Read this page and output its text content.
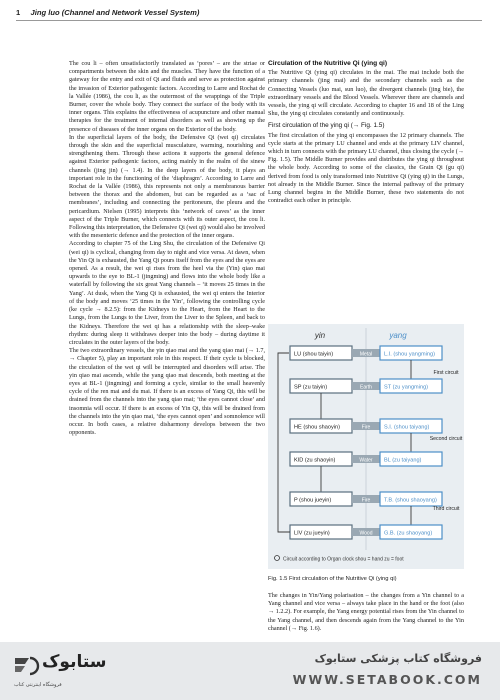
1 Jing luo (Channel and Network Vessel System)

The cou li – often unsatisfactorily translated as ‘pores’ – are the striae or compartments between the skin and the muscles. They have the function of a gateway for the entry and exit of Qi and fluids and serve as protection against the invasion of Exterior pathogenic factors. According to Larre and Rochat de la Vallée (1986), the cou li, as the outermost of the wrappings of the Triple Burner, cover the whole body. They connect the surface of the body with its inner organs. This explains the effectiveness of acupuncture and other manual therapies for the treatment of internal disorders as well as showing up the presence of diseases of the inner organs on the Exterior of the body.

In the superficial layers of the body, the Defensive Qi (wei qi) circulates through the skin and the superficial musculature, warming, nourishing and strengthening them. Through these actions it supports the general defence against Exterior pathogenic factors, acting mainly in the realm of the sinew channels (jing jin) (→ 1.4). In the deep layers of the body, it plays an important role in the functioning of the ‘diaphragm’. According to Larre and Rochat de la Vallée (1986), this represents not only a membranous barrier between the thorax and the abdomen, but can be regarded as a ‘sac of membranes’, including and connecting the peritoneum, the pleura and the pericardium. Nielsen (1995) interprets this ‘network of caves’ as the inner aspect of the Triple Burner, which connects with its outer aspect, the cou li. Following this interpretation, the Defensive Qi (wei qi) would also be involved with the mesenteric defence and the protection of the inner organs.

According to chapter 75 of the Ling Shu, the circulation of the Defensive Qi (wei qi) is cyclical, changing from day to night and vice versa. At dawn, when the Yin Qi is exhausted, the Yang Qi pours itself from the eyes and the eyes are opened. As a result, the wei qi rises from the heel via the (Yin) qiao mai upwards to the eye to BL-1 (jingming) and flows into the whole body like a waterfall by following the six great Yang channels – ‘it moves 25 times in the Yang’. At dusk, when the Yang Qi is exhausted, the wei qi enters the Interior of the body and moves ‘25 times in the Yin’, following the controlling cycle (ke cycle → 8.2.5): from the Kidneys to the Heart, from the Heart to the Lungs, from the Lungs to the Liver, from the Liver to the Spleen, and back to the Kidneys. Therefore the wei qi has a relationship with the sleep–wake rhythm: during sleep it withdraws deeper into the body – during daytime it circulates in the outer layers of the body.

The two extraordinary vessels, the yin qiao mai and the yang qiao mai (→ 1.7, → Chapter 5), play an important role in this respect. If their cycle is blocked, the circulation of the wei qi will be interrupted and disorders will arise. The yin qiao mai ascends, while the yang qiao mai descends, both meeting at the eyes at BL-1 (jingming) and forming a cycle, similar to the small heavenly cycle of the ren mai and du mai. If there is an excess of Yang Qi, this will be drained from the channels into the yang qiao mai; ‘the eyes cannot close’ and insomnia will occur. If there is an excess of Yin Qi, this will be drained from the channels into the yin qiao mai, ‘the eyes cannot open’ and somnolence will occur. In both cases, a relative disharmony develops between the two opponents.

Circulation of the Nutritive Qi (ying qi)

The Nutritive Qi (ying qi) circulates in the mai. The mai include both the primary channels (jing mai) and the secondary channels such as the Connecting Vessels (luo mai, sun luo), the divergent channels (jing bie), the extraordinary vessels and the Blood Vessels. Wherever there are channels and vessels, the ying qi will circulate. According to chapter 16 and 18 of the Ling Shu, the ying qi circulates constantly and continuously.

First circulation of the ying qi (→ Fig. 1.5)

The first circulation of the ying qi encompasses the 12 primary channels. The cycle starts at the primary LU channel and ends at the primary LIV channel, which in turn connects with the primary LU channel, thus closing the cycle (→ Fig. 1.5). The Middle Burner provides and distributes the ying qi throughout the whole body. According to some of the classics, the Grain Qi (gu qi) derived from food is only transformed into Nutritive Qi (ying qi) in the Lungs, not already in the Middle Burner. Since the internal pathway of the primary Lung channel begins in the Middle Burner, these two statements do not contradict each other in principle.

yin	yang
LU (shou taiyin)	Metal L.I. (shou yangming)
SP (zu taiyin)	Earth ST (zu yangming)
HE (shou shaoyin)	Fire S.I. (shou taiyang)
KID (zu shaoyin)	Water BL (zu taiyang)
P (shou jueyin)	Fire T.B. (shou shaoyang)
LIV (zu jueyin)	Wood G.B. (zu shaoyang)
First circuit
Second circuit
Third circuit
Circuit according to Organ clock shou = hand zu = foot
Fig. 1.5 First circulation of the Nutritive Qi (ying qi)

The changes in Yin/Yang polarisation – the changes from a Yin channel to a Yang channel and vice versa – always take place in the hand or the foot (also → 1.2.2). For example, the Yang energy potential rises from the Yin channel to the Yang channel, and then descends again from the Yang channel to the Yin channel (→ Fig. 1.6).

ستابوک
فروشگاه اینترنتی کتاب
فروشگاه کتاب پزشکی ستابوک
WWW.SETABOOK.COM
